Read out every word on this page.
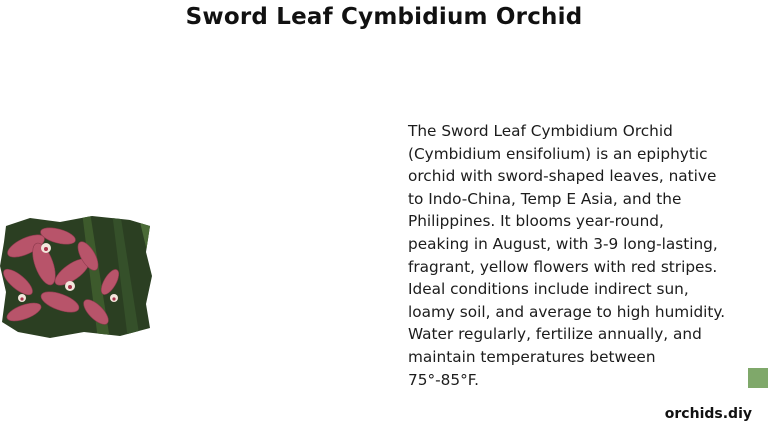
Sword Leaf Cymbidium Orchid
The Sword Leaf Cymbidium Orchid (Cymbidium ensifolium) is an epiphytic orchid with sword-shaped leaves, native to Indo-China, Temp E Asia, and the Philippines. It blooms year-round, peaking in August, with 3-9 long-lasting, fragrant, yellow flowers with red stripes. Ideal conditions include indirect sun, loamy soil, and average to high humidity. Water regularly, fertilize annually, and maintain temperatures between 75°-85°F.
orchids.diy
